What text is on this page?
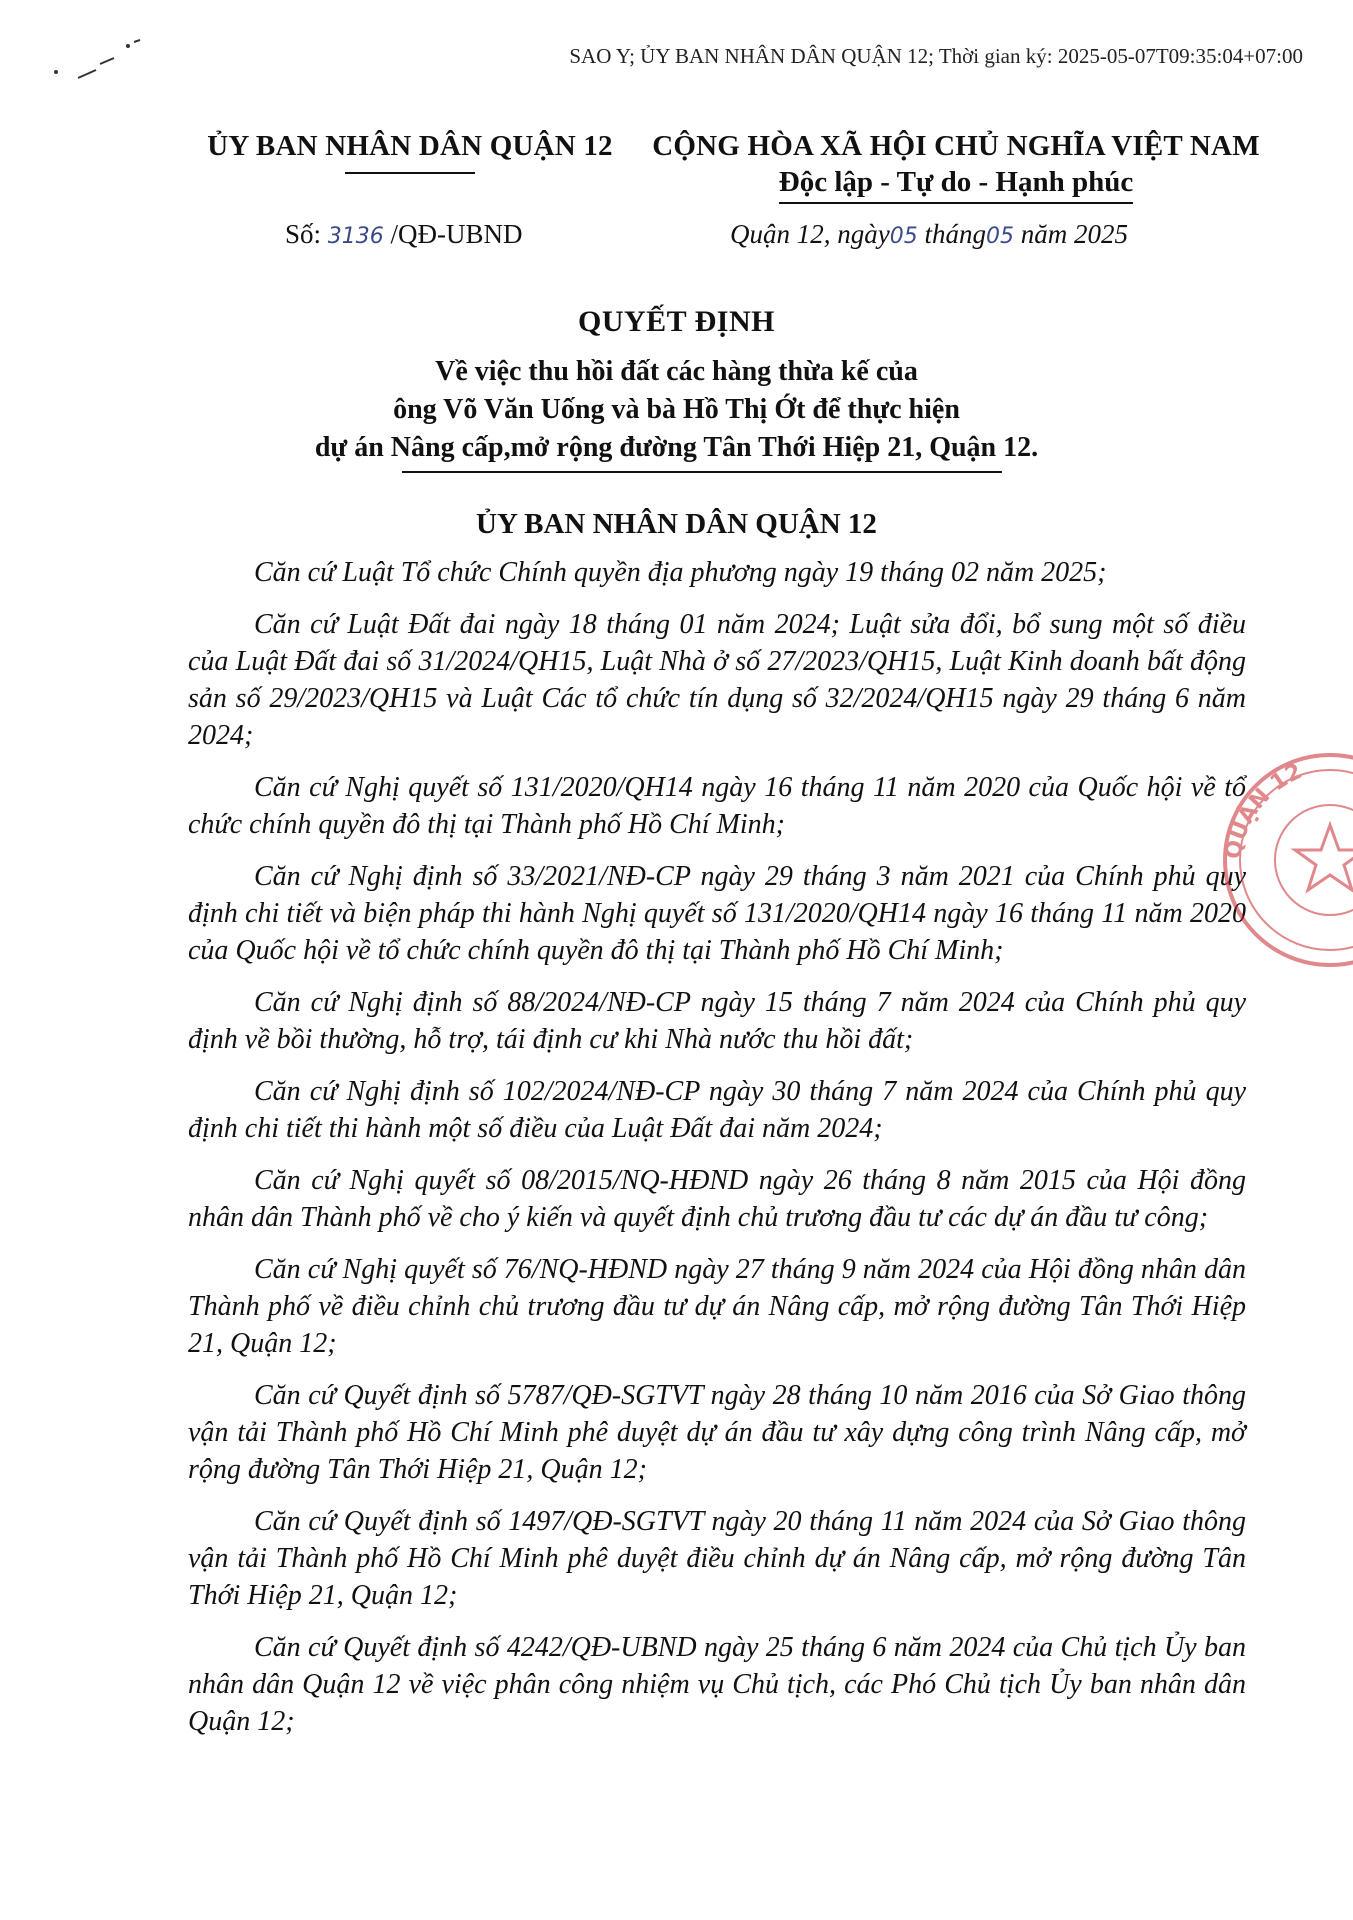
SAO Y; ỦY BAN NHÂN DÂN QUẬN 12; Thời gian ký: 2025-05-07T09:35:04+07:00
ỦY BAN NHÂN DÂN QUẬN 12	CỘNG HÒA XÃ HỘI CHỦ NGHĨA VIỆT NAM
Độc lập - Tự do - Hạnh phúc
Số: 3136 /QĐ-UBND	Quận 12, ngày05 tháng05 năm 2025
QUYẾT ĐỊNH
Về việc thu hồi đất các hàng thừa kế của
ông Võ Văn Uống và bà Hồ Thị Ớt để thực hiện
dự án Nâng cấp,mở rộng đường Tân Thới Hiệp 21, Quận 12.
ỦY BAN NHÂN DÂN QUẬN 12

Căn cứ Luật Tổ chức Chính quyền địa phương ngày 19 tháng 02 năm 2025;

Căn cứ Luật Đất đai ngày 18 tháng 01 năm 2024; Luật sửa đổi, bổ sung một số điều của Luật Đất đai số 31/2024/QH15, Luật Nhà ở số 27/2023/QH15, Luật Kinh doanh bất động sản số 29/2023/QH15 và Luật Các tổ chức tín dụng số 32/2024/QH15 ngày 29 tháng 6 năm 2024;

Căn cứ Nghị quyết số 131/2020/QH14 ngày 16 tháng 11 năm 2020 của Quốc hội về tổ chức chính quyền đô thị tại Thành phố Hồ Chí Minh;

Căn cứ Nghị định số 33/2021/NĐ-CP ngày 29 tháng 3 năm 2021 của Chính phủ quy định chi tiết và biện pháp thi hành Nghị quyết số 131/2020/QH14 ngày 16 tháng 11 năm 2020 của Quốc hội về tổ chức chính quyền đô thị tại Thành phố Hồ Chí Minh;

Căn cứ Nghị định số 88/2024/NĐ-CP ngày 15 tháng 7 năm 2024 của Chính phủ quy định về bồi thường, hỗ trợ, tái định cư khi Nhà nước thu hồi đất;

Căn cứ Nghị định số 102/2024/NĐ-CP ngày 30 tháng 7 năm 2024 của Chính phủ quy định chi tiết thi hành một số điều của Luật Đất đai năm 2024;

Căn cứ Nghị quyết số 08/2015/NQ-HĐND ngày 26 tháng 8 năm 2015 của Hội đồng nhân dân Thành phố về cho ý kiến và quyết định chủ trương đầu tư các dự án đầu tư công;

Căn cứ Nghị quyết số 76/NQ-HĐND ngày 27 tháng 9 năm 2024 của Hội đồng nhân dân Thành phố về điều chỉnh chủ trương đầu tư dự án Nâng cấp, mở rộng đường Tân Thới Hiệp 21, Quận 12;

Căn cứ Quyết định số 5787/QĐ-SGTVT ngày 28 tháng 10 năm 2016 của Sở Giao thông vận tải Thành phố Hồ Chí Minh phê duyệt dự án đầu tư xây dựng công trình Nâng cấp, mở rộng đường Tân Thới Hiệp 21, Quận 12;

Căn cứ Quyết định số 1497/QĐ-SGTVT ngày 20 tháng 11 năm 2024 của Sở Giao thông vận tải Thành phố Hồ Chí Minh phê duyệt điều chỉnh dự án Nâng cấp, mở rộng đường Tân Thới Hiệp 21, Quận 12;

Căn cứ Quyết định số 4242/QĐ-UBND ngày 25 tháng 6 năm 2024 của Chủ tịch Ủy ban nhân dân Quận 12 về việc phân công nhiệm vụ Chủ tịch, các Phó Chủ tịch Ủy ban nhân dân Quận 12;

QUẬN 12
